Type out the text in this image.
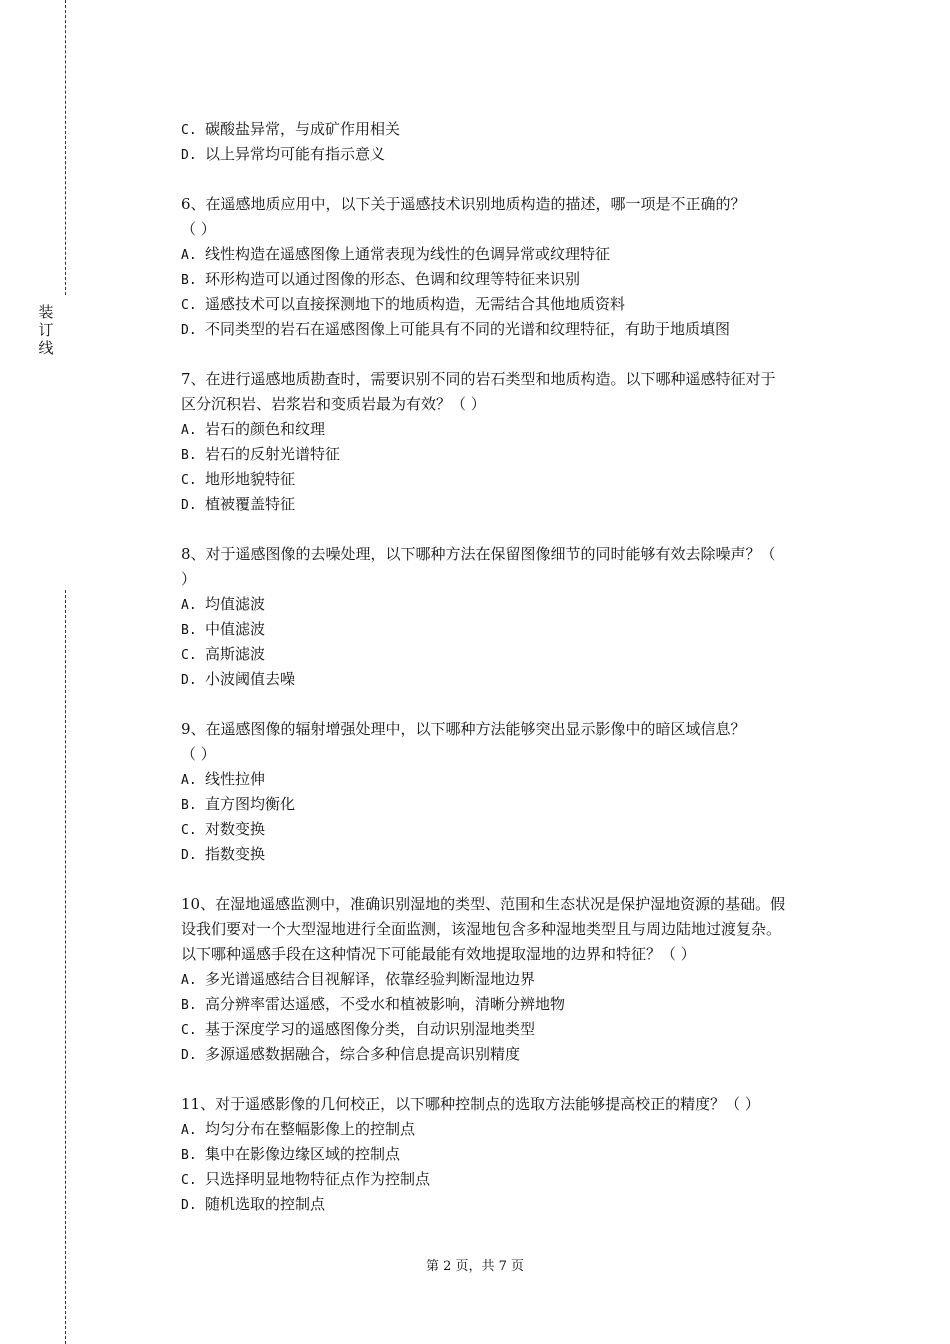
装
订
线
C. 碳酸盐异常，与成矿作用相关
D. 以上异常均可能有指示意义
6、在遥感地质应用中，以下关于遥感技术识别地质构造的描述，哪一项是不正确的？
（ ）
A. 线性构造在遥感图像上通常表现为线性的色调异常或纹理特征
B. 环形构造可以通过图像的形态、色调和纹理等特征来识别
C. 遥感技术可以直接探测地下的地质构造，无需结合其他地质资料
D. 不同类型的岩石在遥感图像上可能具有不同的光谱和纹理特征，有助于地质填图
7、在进行遥感地质勘查时，需要识别不同的岩石类型和地质构造。以下哪种遥感特征对于
区分沉积岩、岩浆岩和变质岩最为有效？（ ）
A. 岩石的颜色和纹理
B. 岩石的反射光谱特征
C. 地形地貌特征
D. 植被覆盖特征
8、对于遥感图像的去噪处理，以下哪种方法在保留图像细节的同时能够有效去除噪声？（
）
A. 均值滤波
B. 中值滤波
C. 高斯滤波
D. 小波阈值去噪
9、在遥感图像的辐射增强处理中，以下哪种方法能够突出显示影像中的暗区域信息？
（ ）
A. 线性拉伸
B. 直方图均衡化
C. 对数变换
D. 指数变换
10、在湿地遥感监测中，准确识别湿地的类型、范围和生态状况是保护湿地资源的基础。假
设我们要对一个大型湿地进行全面监测，该湿地包含多种湿地类型且与周边陆地过渡复杂。
以下哪种遥感手段在这种情况下可能最能有效地提取湿地的边界和特征？（ ）
A. 多光谱遥感结合目视解译，依靠经验判断湿地边界
B. 高分辨率雷达遥感，不受水和植被影响，清晰分辨地物
C. 基于深度学习的遥感图像分类，自动识别湿地类型
D. 多源遥感数据融合，综合多种信息提高识别精度
11、对于遥感影像的几何校正，以下哪种控制点的选取方法能够提高校正的精度？（ ）
A. 均匀分布在整幅影像上的控制点
B. 集中在影像边缘区域的控制点
C. 只选择明显地物特征点作为控制点
D. 随机选取的控制点
第 2 页，共 7 页
